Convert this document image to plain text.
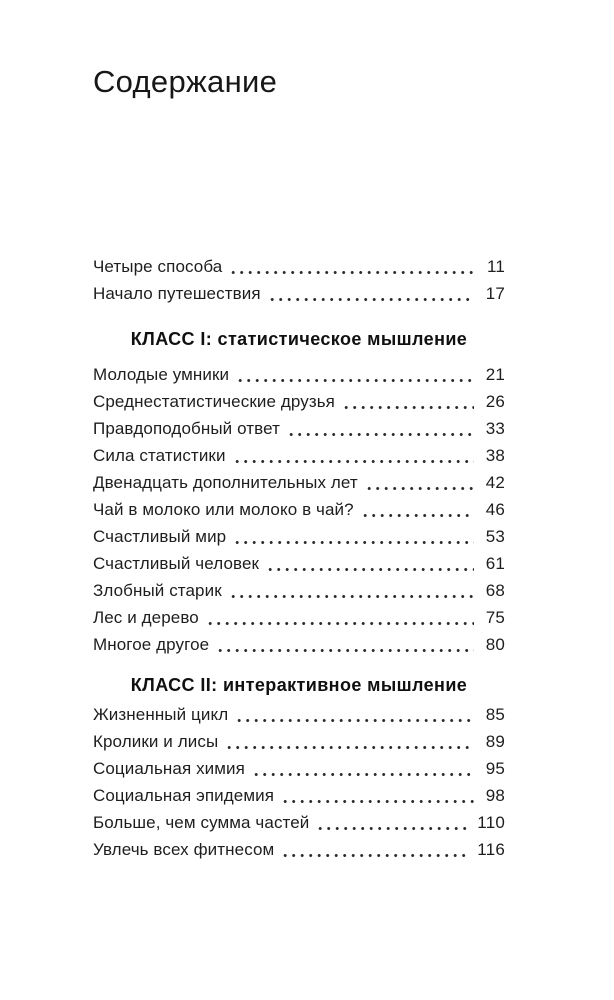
Содержание
Четыре способа	11
Начало путешествия	17
КЛАСС I: статистическое мышление
Молодые умники	21
Среднестатистические друзья	26
Правдоподобный ответ	33
Сила статистики	38
Двенадцать дополнительных лет	42
Чай в молоко или молоко в чай?	46
Счастливый мир	53
Счастливый человек	61
Злобный старик	68
Лес и дерево	75
Многое другое	80
КЛАСС II: интерактивное мышление
Жизненный цикл	85
Кролики и лисы	89
Социальная химия	95
Социальная эпидемия	98
Больше, чем сумма частей	110
Увлечь всех фитнесом	116
